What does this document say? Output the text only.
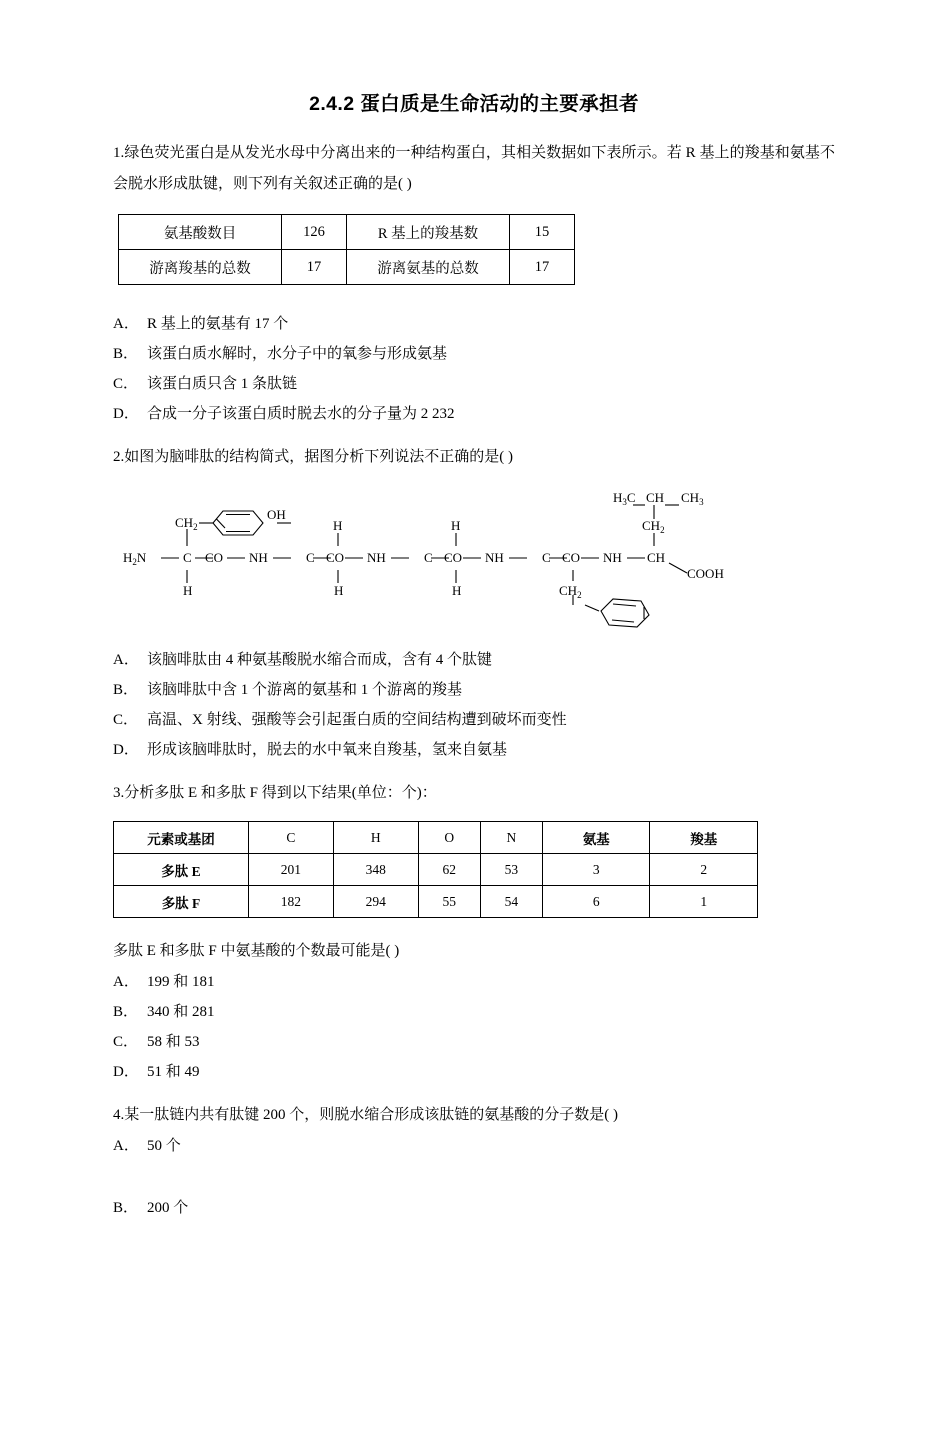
2.4.2 蛋白质是生命活动的主要承担者
1.绿色荧光蛋白是从发光水母中分离出来的一种结构蛋白，其相关数据如下表所示。若 R 基上的羧基和氨基不会脱水形成肽键，则下列有关叙述正确的是( )
氨基酸数目	126	R 基上的羧基数	15
游离羧基的总数	17	游离氨基的总数	17
A． R 基上的氨基有 17 个
B． 该蛋白质水解时，水分子中的氧参与形成氨基
C． 该蛋白质只含 1 条肽链
D． 合成一分子该蛋白质时脱去水的分子量为 2 232
2.如图为脑啡肽的结构简式，据图分析下列说法不正确的是( )
$H_2N$	C CO NH	C CO NH	C CO NH	C CO NH CH
COOH
$CH_2$
OH
H	H
H	H	H	$CH_2$
$H_3C$ CH $CH_3$
$CH_2$
A． 该脑啡肽由 4 种氨基酸脱水缩合而成，含有 4 个肽键
B． 该脑啡肽中含 1 个游离的氨基和 1 个游离的羧基
C． 高温、X 射线、强酸等会引起蛋白质的空间结构遭到破坏而变性
D． 形成该脑啡肽时，脱去的水中氧来自羧基，氢来自氨基
3.分析多肽 E 和多肽 F 得到以下结果(单位：个)：
元素或基团	C	H	O	N	氨基	羧基
多肽 E	201	348	62	53	3	2
多肽 F	182	294	55	54	6	1
多肽 E 和多肽 F 中氨基酸的个数最可能是( )
A． 199 和 181
B． 340 和 281
C． 58 和 53
D． 51 和 49
4.某一肽链内共有肽键 200 个，则脱水缩合形成该肽链的氨基酸的分子数是( )
A． 50 个
B． 200 个
